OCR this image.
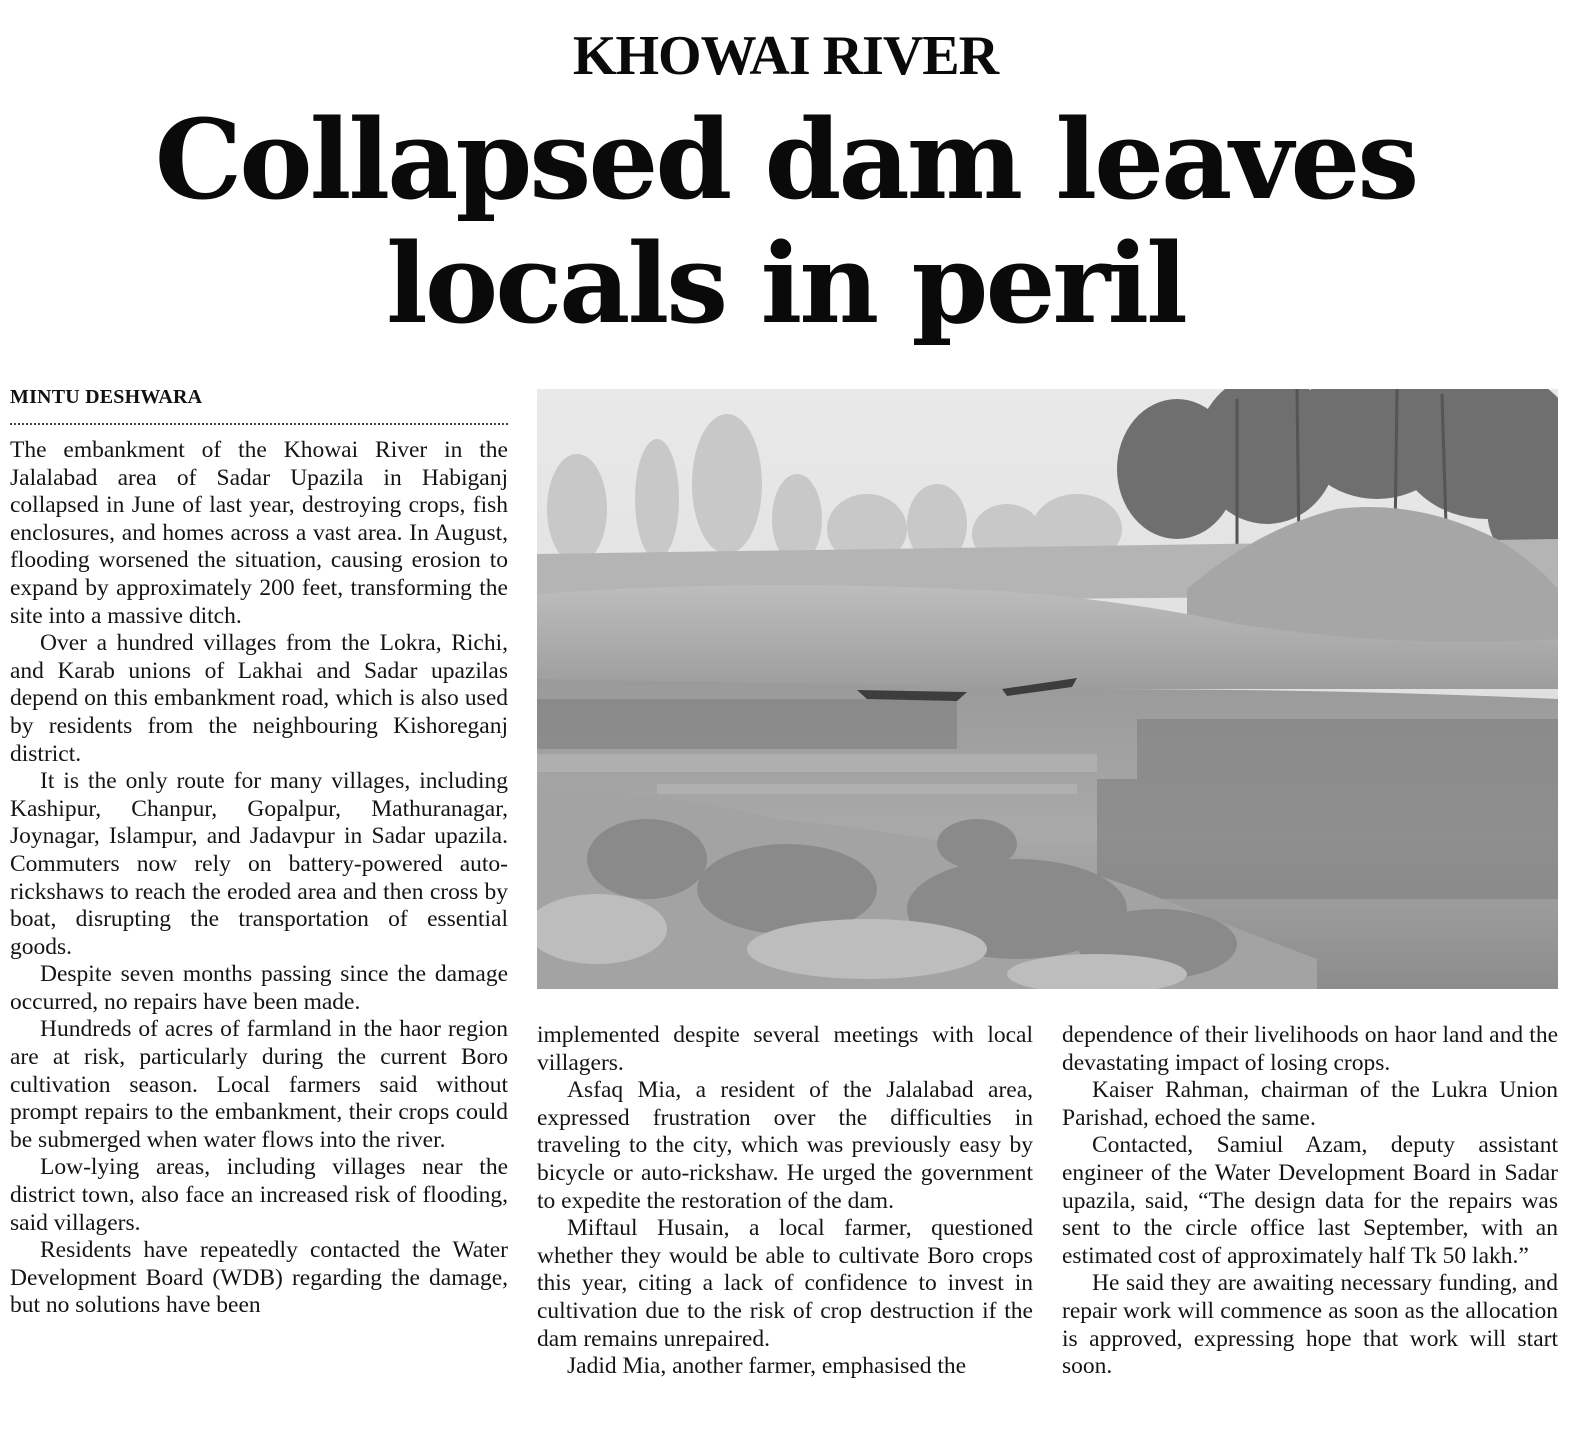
KHOWAI RIVER
Collapsed dam leaves
locals in peril
MINTU DESHWARA

The embankment of the Khowai River in the Jalalabad area of Sadar Upazila in Habiganj collapsed in June of last year, destroying crops, fish enclosures, and homes across a vast area. In August, flooding worsened the situation, causing erosion to expand by approximately 200 feet, transforming the site into a massive ditch.

Over a hundred villages from the Lokra, Richi, and Karab unions of Lakhai and Sadar upazilas depend on this embankment road, which is also used by residents from the neighbouring Kishoreganj district.

It is the only route for many villages, including Kashipur, Chanpur, Gopalpur, Mathuranagar, Joynagar, Islampur, and Jadavpur in Sadar upazila. Commuters now rely on battery-powered auto-rickshaws to reach the eroded area and then cross by boat, disrupting the transportation of essential goods.

Despite seven months passing since the damage occurred, no repairs have been made.

Hundreds of acres of farmland in the haor region are at risk, particularly during the current Boro cultivation season. Local farmers said without prompt repairs to the embankment, their crops could be submerged when water flows into the river.

Low-lying areas, including villages near the district town, also face an increased risk of flooding, said villagers.

Residents have repeatedly contacted the Water Development Board (WDB) regarding the damage, but no solutions have been

implemented despite several meetings with local villagers.

Asfaq Mia, a resident of the Jalalabad area, expressed frustration over the difficulties in traveling to the city, which was previously easy by bicycle or auto-rickshaw. He urged the government to expedite the restoration of the dam.

Miftaul Husain, a local farmer, questioned whether they would be able to cultivate Boro crops this year, citing a lack of confidence to invest in cultivation due to the risk of crop destruction if the dam remains unrepaired.

Jadid Mia, another farmer, emphasised the

dependence of their livelihoods on haor land and the devastating impact of losing crops.

Kaiser Rahman, chairman of the Lukra Union Parishad, echoed the same.

Contacted, Samiul Azam, deputy assistant engineer of the Water Development Board in Sadar upazila, said, “The design data for the repairs was sent to the circle office last September, with an estimated cost of approximately half Tk 50 lakh.”

He said they are awaiting necessary funding, and repair work will commence as soon as the allocation is approved, expressing hope that work will start soon.
